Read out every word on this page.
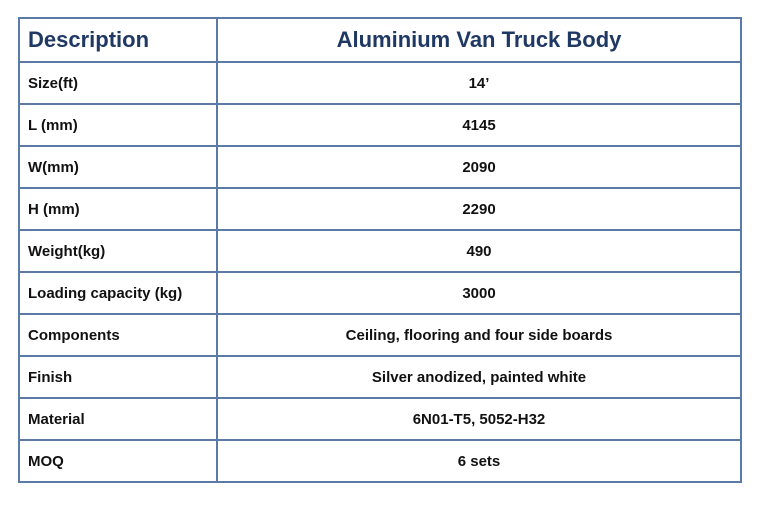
Description	Aluminium Van Truck Body
Size(ft)	14’
L (mm)	4145
W(mm)	2090
H (mm)	2290
Weight(kg)	490
Loading capacity (kg)	3000
Components	Ceiling, flooring and four side boards
Finish	Silver anodized, painted white
Material	6N01-T5, 5052-H32
MOQ	6 sets
